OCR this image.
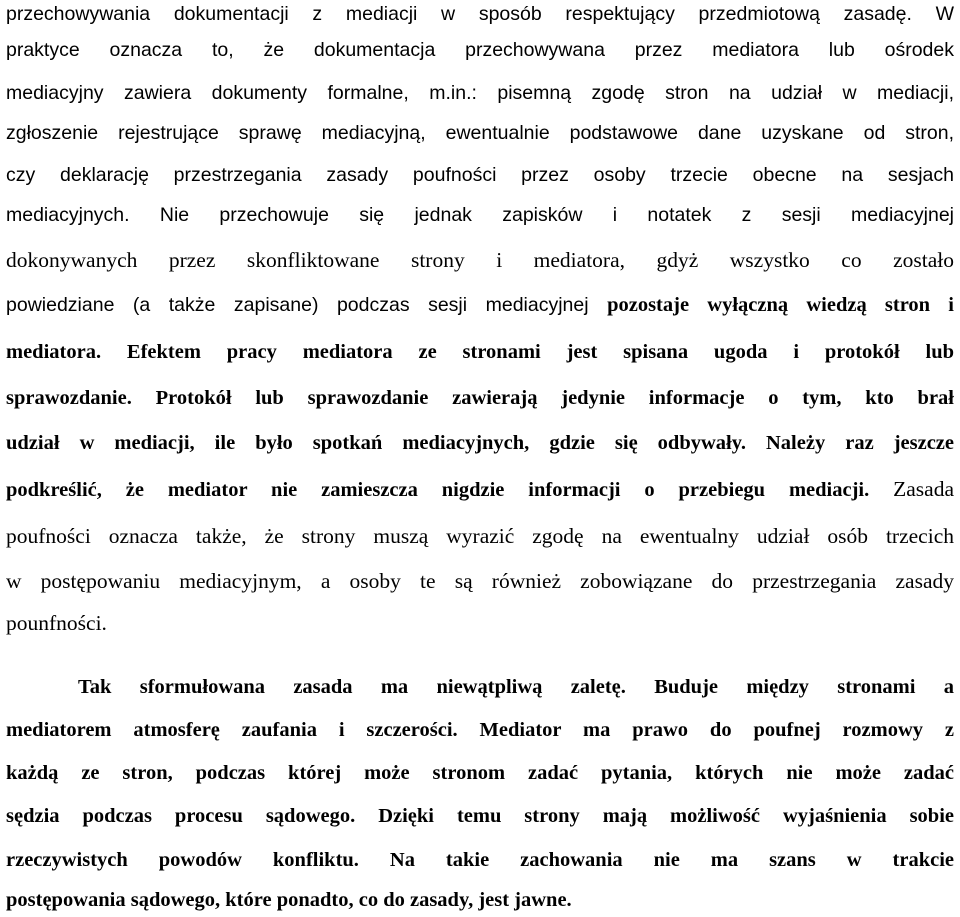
przechowywania dokumentacji z mediacji w sposób respektujący przedmiotową zasadę. W
praktyce oznacza to, że dokumentacja przechowywana przez mediatora lub ośrodek
mediacyjny zawiera dokumenty formalne, m.in.: pisemną zgodę stron na udział w mediacji,
zgłoszenie rejestrujące sprawę mediacyjną, ewentualnie podstawowe dane uzyskane od stron,
czy deklarację przestrzegania zasady poufności przez osoby trzecie obecne na sesjach
mediacyjnych. Nie przechowuje się jednak zapisków i notatek z sesji mediacyjnej
dokonywanych przez skonfliktowane strony i mediatora, gdyż wszystko co zostało
powiedziane (a także zapisane) podczas sesji mediacyjnej pozostaje wyłączną wiedzą stron i
mediatora. Efektem pracy mediatora ze stronami jest spisana ugoda i protokół lub
sprawozdanie. Protokół lub sprawozdanie zawierają jedynie informacje o tym, kto brał
udział w mediacji, ile było spotkań mediacyjnych, gdzie się odbywały. Należy raz jeszcze
podkreślić, że mediator nie zamieszcza nigdzie informacji o przebiegu mediacji. Zasada
poufności oznacza także, że strony muszą wyrazić zgodę na ewentualny udział osób trzecich
w postępowaniu mediacyjnym, a osoby te są również zobowiązane do przestrzegania zasady
pounfności.
Tak sformułowana zasada ma niewątpliwą zaletę. Buduje między stronami a
mediatorem atmosferę zaufania i szczerości. Mediator ma prawo do poufnej rozmowy z
każdą ze stron, podczas której może stronom zadać pytania, których nie może zadać
sędzia podczas procesu sądowego. Dzięki temu strony mają możliwość wyjaśnienia sobie
rzeczywistych powodów konfliktu. Na takie zachowania nie ma szans w trakcie
postępowania sądowego, które ponadto, co do zasady, jest jawne.
